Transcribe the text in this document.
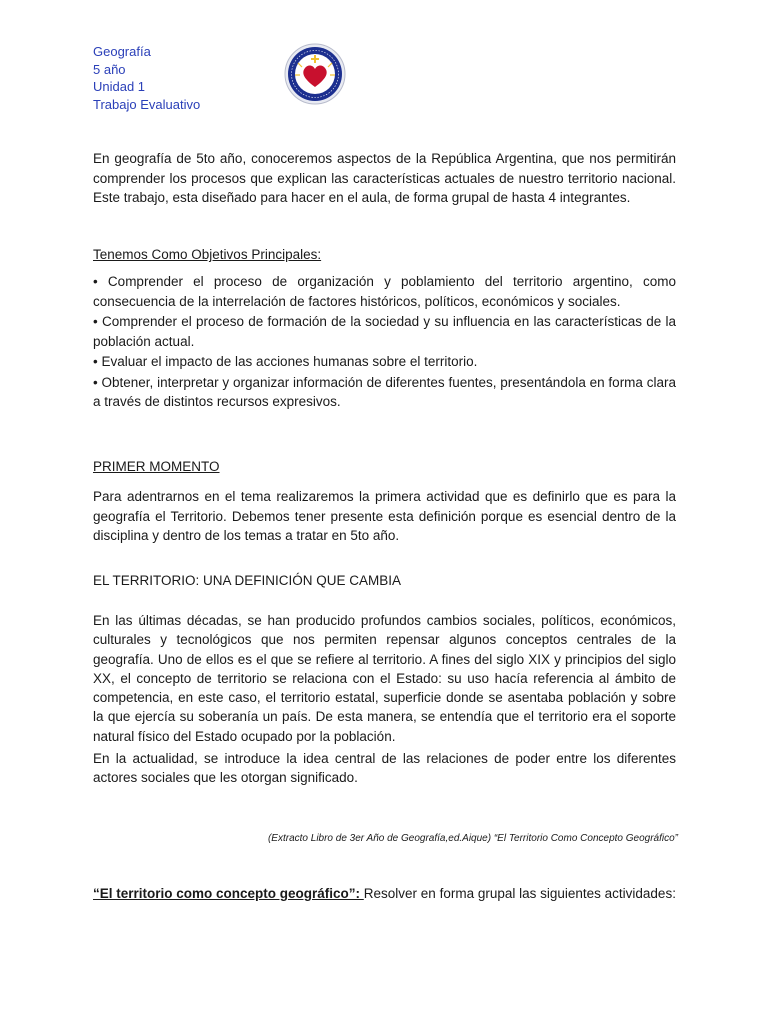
Geografía
5 año
Unidad 1
Trabajo Evaluativo

En geografía de 5to año, conoceremos aspectos de la República Argentina, que nos permitirán comprender los procesos que explican las características actuales de nuestro territorio nacional. Este trabajo, esta diseñado para hacer en el aula, de forma grupal de hasta 4 integrantes.

Tenemos Como Objetivos Principales:

• Comprender el proceso de organización y poblamiento del territorio argentino, como consecuencia de la interrelación de factores históricos, políticos, económicos y sociales.

• Comprender el proceso de formación de la sociedad y su influencia en las características de la población actual.

• Evaluar el impacto de las acciones humanas sobre el territorio.

• Obtener, interpretar y organizar información de diferentes fuentes, presentándola en forma clara a través de distintos recursos expresivos.

PRIMER MOMENTO

Para adentrarnos en el tema realizaremos la primera actividad que es definirlo que es para la geografía el Territorio. Debemos tener presente esta definición porque es esencial dentro de la disciplina y dentro de los temas a tratar en 5to año.

EL TERRITORIO: UNA DEFINICIÓN QUE CAMBIA

En las últimas décadas, se han producido profundos cambios sociales, políticos, económicos, culturales y tecnológicos que nos permiten repensar algunos conceptos centrales de la geografía. Uno de ellos es el que se refiere al territorio. A fines del siglo XIX y principios del siglo XX, el concepto de territorio se relaciona con el Estado: su uso hacía referencia al ámbito de competencia, en este caso, el territorio estatal, superficie donde se asentaba población y sobre la que ejercía su soberanía un país. De esta manera, se entendía que el territorio era el soporte natural físico del Estado ocupado por la población.

En la actualidad, se introduce la idea central de las relaciones de poder entre los diferentes actores sociales que les otorgan significado.

(Extracto Libro de 3er Año de Geografía,ed.Aique) “El Territorio Como Concepto Geográfico”

“El territorio como concepto geográfico”: Resolver en forma grupal las siguientes actividades:
